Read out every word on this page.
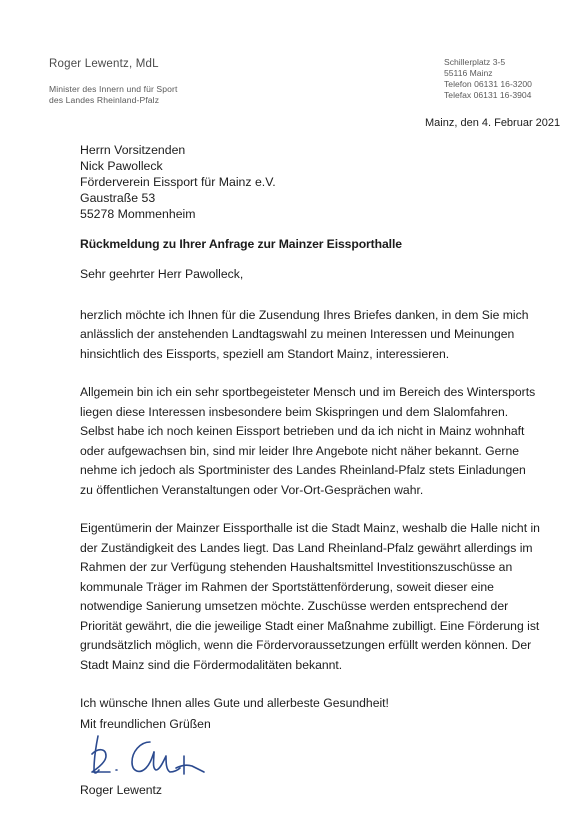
Roger Lewentz, MdL
Minister des Innern und für Sport
des Landes Rheinland-Pfalz
Schillerplatz 3-5
55116 Mainz
Telefon 06131 16-3200
Telefax 06131 16-3904
Mainz, den 4. Februar 2021
Herrn Vorsitzenden
Nick Pawolleck
Förderverein Eissport für Mainz e.V.
Gaustraße 53
55278 Mommenheim
Rückmeldung zu Ihrer Anfrage zur Mainzer Eissporthalle
Sehr geehrter Herr Pawolleck,
herzlich möchte ich Ihnen für die Zusendung Ihres Briefes danken, in dem Sie mich
anlässlich der anstehenden Landtagswahl zu meinen Interessen und Meinungen
hinsichtlich des Eissports, speziell am Standort Mainz, interessieren.
Allgemein bin ich ein sehr sportbegeisteter Mensch und im Bereich des Wintersports
liegen diese Interessen insbesondere beim Skispringen und dem Slalomfahren.
Selbst habe ich noch keinen Eissport betrieben und da ich nicht in Mainz wohnhaft
oder aufgewachsen bin, sind mir leider Ihre Angebote nicht näher bekannt. Gerne
nehme ich jedoch als Sportminister des Landes Rheinland-Pfalz stets Einladungen
zu öffentlichen Veranstaltungen oder Vor-Ort-Gesprächen wahr.
Eigentümerin der Mainzer Eissporthalle ist die Stadt Mainz, weshalb die Halle nicht in
der Zuständigkeit des Landes liegt. Das Land Rheinland-Pfalz gewährt allerdings im
Rahmen der zur Verfügung stehenden Haushaltsmittel Investitionszuschüsse an
kommunale Träger im Rahmen der Sportstättenförderung, soweit dieser eine
notwendige Sanierung umsetzen möchte. Zuschüsse werden entsprechend der
Priorität gewährt, die die jeweilige Stadt einer Maßnahme zubilligt. Eine Förderung ist
grundsätzlich möglich, wenn die Fördervoraussetzungen erfüllt werden können. Der
Stadt Mainz sind die Fördermodalitäten bekannt.
Ich wünsche Ihnen alles Gute und allerbeste Gesundheit!
Mit freundlichen Grüßen
Roger Lewentz
